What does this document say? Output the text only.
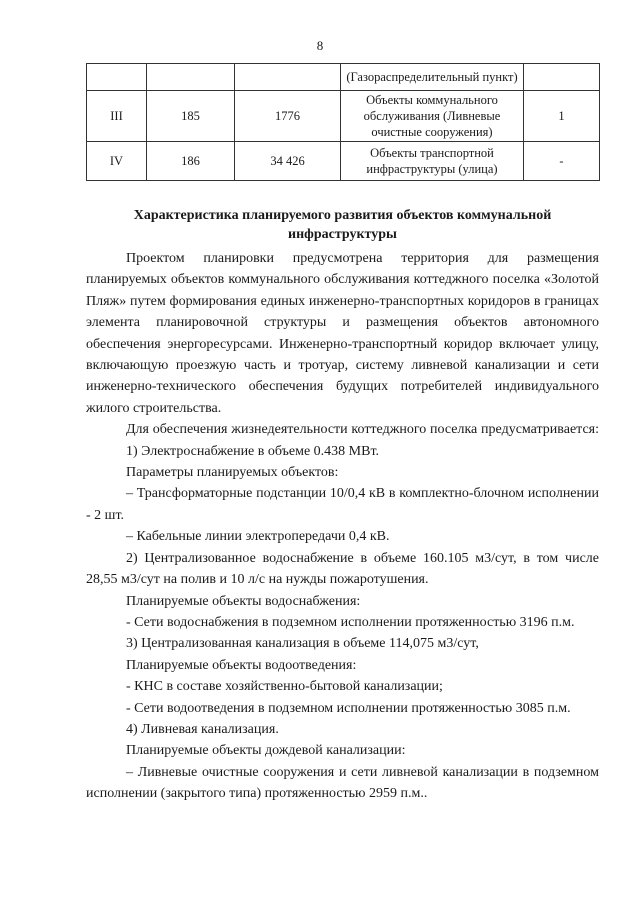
8
			(Газораспределительный пункт)	
III	185	1776	Объекты коммунального обслуживания (Ливневые очистные сооружения)	1
IV	186	34 426	Объекты транспортной инфраструктуры (улица)	-
Характеристика планируемого развития объектов коммунальной инфраструктуры

Проектом планировки предусмотрена территория для размещения планируемых объектов коммунального обслуживания коттеджного поселка «Золотой Пляж» путем формирования единых инженерно-транспортных коридоров в границах элемента планировочной структуры и размещения объектов автономного обеспечения энергоресурсами. Инженерно-транспортный коридор включает улицу, включающую проезжую часть и тротуар, систему ливневой канализации и сети инженерно-технического обеспечения будущих потребителей индивидуального жилого строительства.

Для обеспечения жизнедеятельности коттеджного поселка предусматривается:

1) Электроснабжение в объеме 0.438 МВт.

Параметры планируемых объектов:

– Трансформаторные подстанции 10/0,4 кВ в комплектно-блочном исполнении - 2 шт.

– Кабельные линии электропередачи 0,4 кВ.

2) Централизованное водоснабжение в объеме 160.105 м3/сут, в том числе 28,55 м3/сут на полив и 10 л/с на нужды пожаротушения.

Планируемые объекты водоснабжения:

- Сети водоснабжения в подземном исполнении протяженностью 3196 п.м.

3) Централизованная канализация в объеме 114,075 м3/сут,

Планируемые объекты водоотведения:

- КНС в составе хозяйственно-бытовой канализации;

- Сети водоотведения в подземном исполнении протяженностью 3085 п.м.

4) Ливневая канализация.

Планируемые объекты дождевой канализации:

– Ливневые очистные сооружения и сети ливневой канализации в подземном исполнении (закрытого типа) протяженностью 2959 п.м..
